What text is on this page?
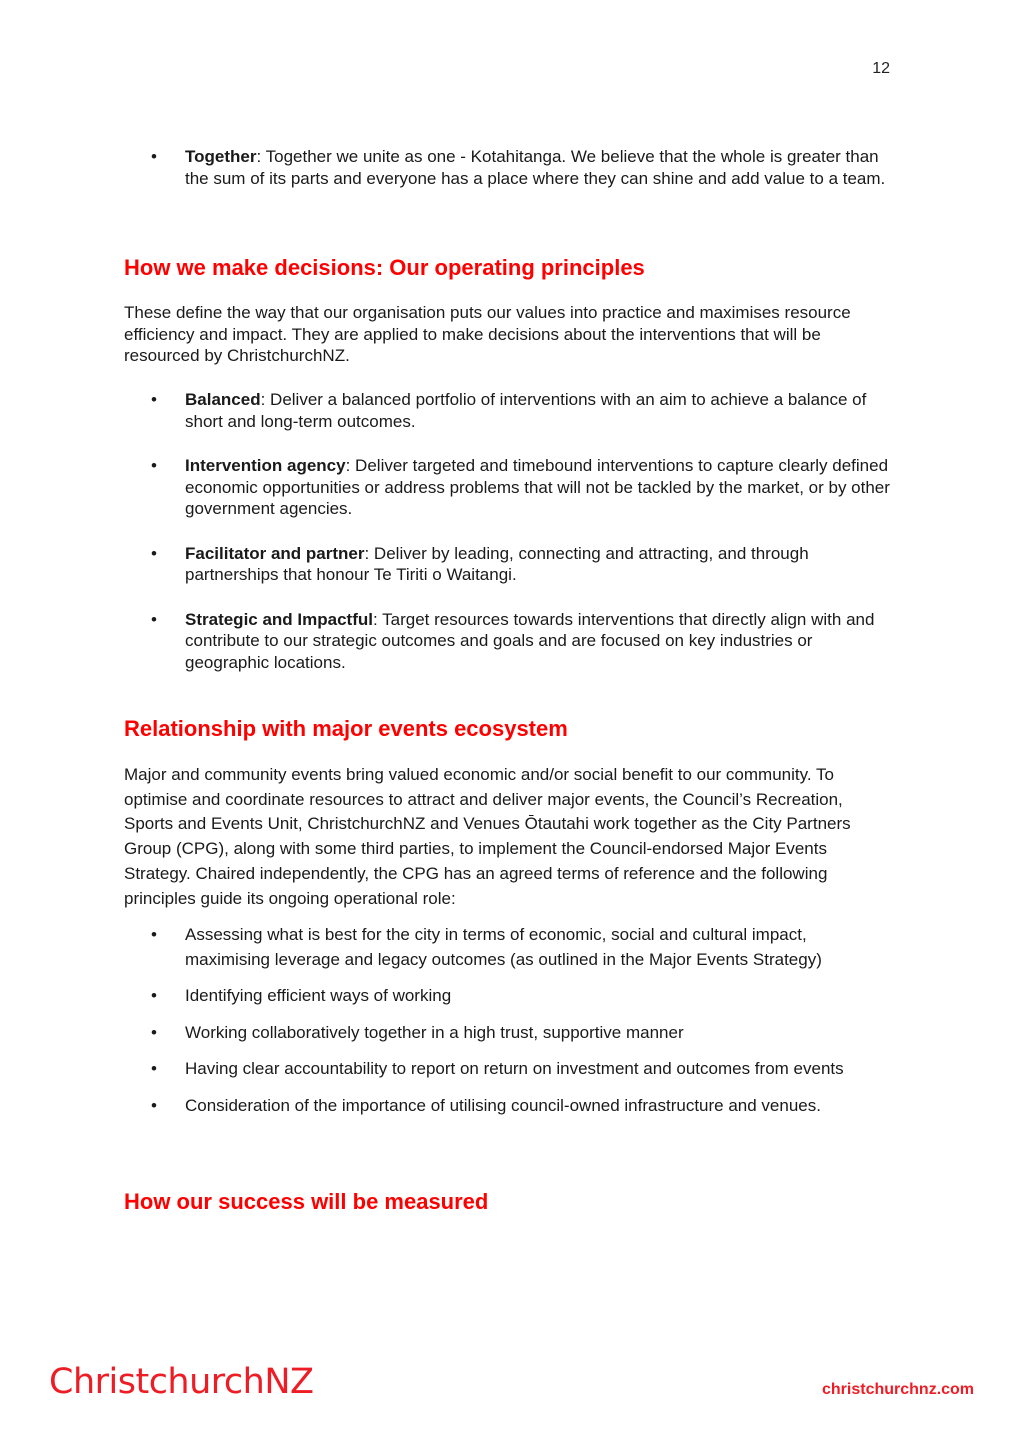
12
• Together: Together we unite as one - Kotahitanga. We believe that the whole is greater than the sum of its parts and everyone has a place where they can shine and add value to a team.
How we make decisions: Our operating principles

These define the way that our organisation puts our values into practice and maximises resource efficiency and impact. They are applied to make decisions about the interventions that will be resourced by ChristchurchNZ.

• Balanced: Deliver a balanced portfolio of interventions with an aim to achieve a balance of short and long-term outcomes.
• Intervention agency: Deliver targeted and timebound interventions to capture clearly defined economic opportunities or address problems that will not be tackled by the market, or by other government agencies.
• Facilitator and partner: Deliver by leading, connecting and attracting, and through partnerships that honour Te Tiriti o Waitangi.
• Strategic and Impactful: Target resources towards interventions that directly align with and contribute to our strategic outcomes and goals and are focused on key industries or geographic locations.
Relationship with major events ecosystem

Major and community events bring valued economic and/or social benefit to our community. To optimise and coordinate resources to attract and deliver major events, the Council’s Recreation, Sports and Events Unit, ChristchurchNZ and Venues Ōtautahi work together as the City Partners Group (CPG), along with some third parties, to implement the Council-endorsed Major Events Strategy. Chaired independently, the CPG has an agreed terms of reference and the following principles guide its ongoing operational role:

• Assessing what is best for the city in terms of economic, social and cultural impact, maximising leverage and legacy outcomes (as outlined in the Major Events Strategy)
• Identifying efficient ways of working
• Working collaboratively together in a high trust, supportive manner
• Having clear accountability to report on return on investment and outcomes from events
• Consideration of the importance of utilising council-owned infrastructure and venues.
How our success will be measured
ChristchurchNZ	christchurchnz.com
